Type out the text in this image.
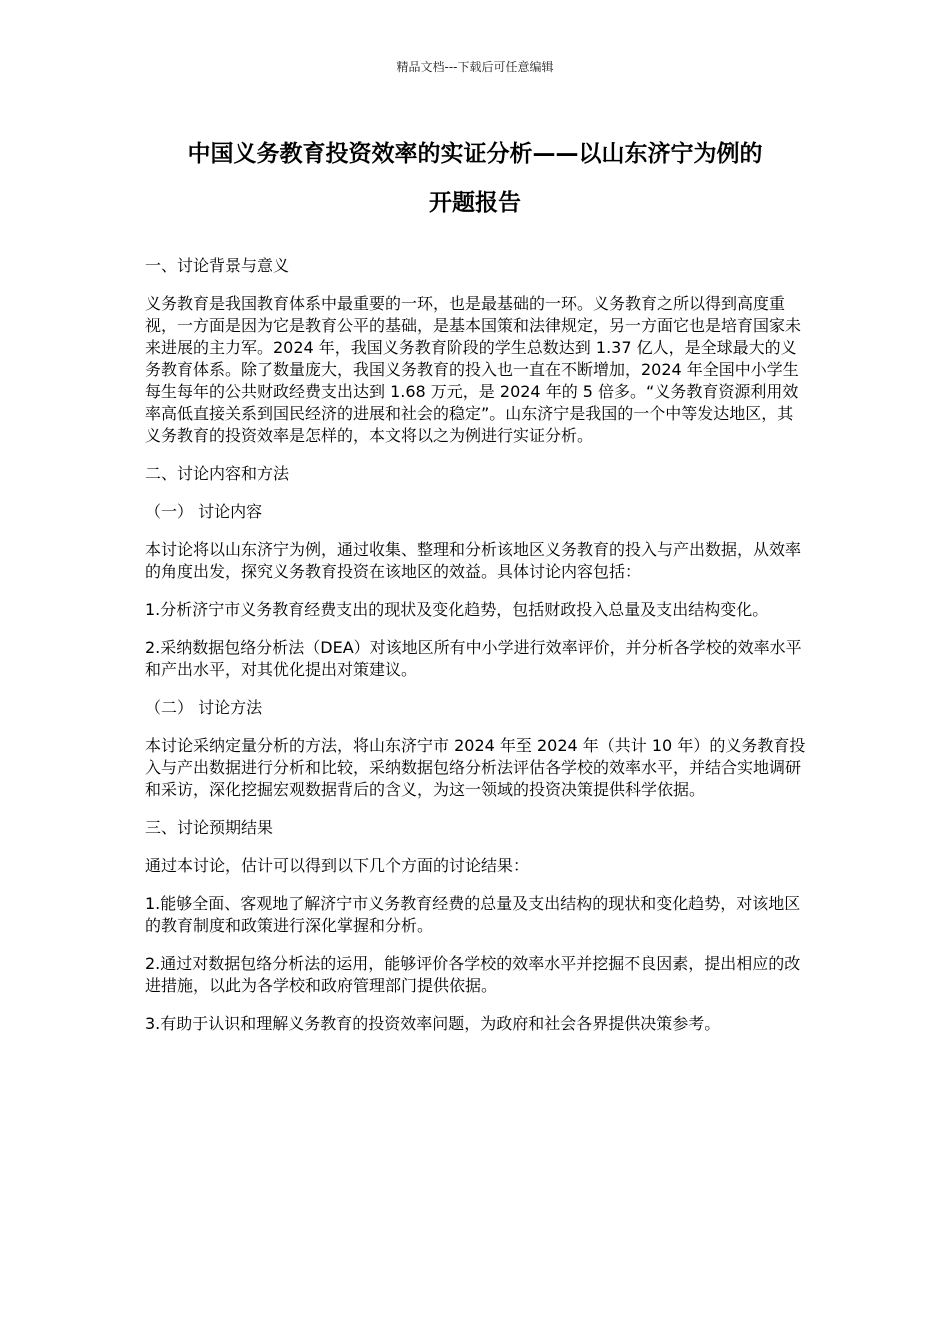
精品文档---下载后可任意编辑
中国义务教育投资效率的实证分析——以山东济宁为例的
开题报告

一、讨论背景与意义

义务教育是我国教育体系中最重要的一环，也是最基础的一环。义务教育之所以得到高度重视，一方面是因为它是教育公平的基础，是基本国策和法律规定，另一方面它也是培育国家未来进展的主力军。2024 年，我国义务教育阶段的学生总数达到 1.37 亿人，是全球最大的义务教育体系。除了数量庞大，我国义务教育的投入也一直在不断增加，2024 年全国中小学生每生每年的公共财政经费支出达到 1.68 万元，是 2024 年的 5 倍多。“义务教育资源利用效率高低直接关系到国民经济的进展和社会的稳定”。山东济宁是我国的一个中等发达地区，其义务教育的投资效率是怎样的，本文将以之为例进行实证分析。

二、讨论内容和方法

（一） 讨论内容

本讨论将以山东济宁为例，通过收集、整理和分析该地区义务教育的投入与产出数据，从效率的角度出发，探究义务教育投资在该地区的效益。具体讨论内容包括：

1.分析济宁市义务教育经费支出的现状及变化趋势，包括财政投入总量及支出结构变化。

2.采纳数据包络分析法（DEA）对该地区所有中小学进行效率评价，并分析各学校的效率水平和产出水平，对其优化提出对策建议。

（二） 讨论方法

本讨论采纳定量分析的方法，将山东济宁市 2024 年至 2024 年（共计 10 年）的义务教育投入与产出数据进行分析和比较，采纳数据包络分析法评估各学校的效率水平，并结合实地调研和采访，深化挖掘宏观数据背后的含义，为这一领域的投资决策提供科学依据。

三、讨论预期结果

通过本讨论，估计可以得到以下几个方面的讨论结果：

1.能够全面、客观地了解济宁市义务教育经费的总量及支出结构的现状和变化趋势，对该地区的教育制度和政策进行深化掌握和分析。

2.通过对数据包络分析法的运用，能够评价各学校的效率水平并挖掘不良因素，提出相应的改进措施，以此为各学校和政府管理部门提供依据。

3.有助于认识和理解义务教育的投资效率问题，为政府和社会各界提供决策参考。
